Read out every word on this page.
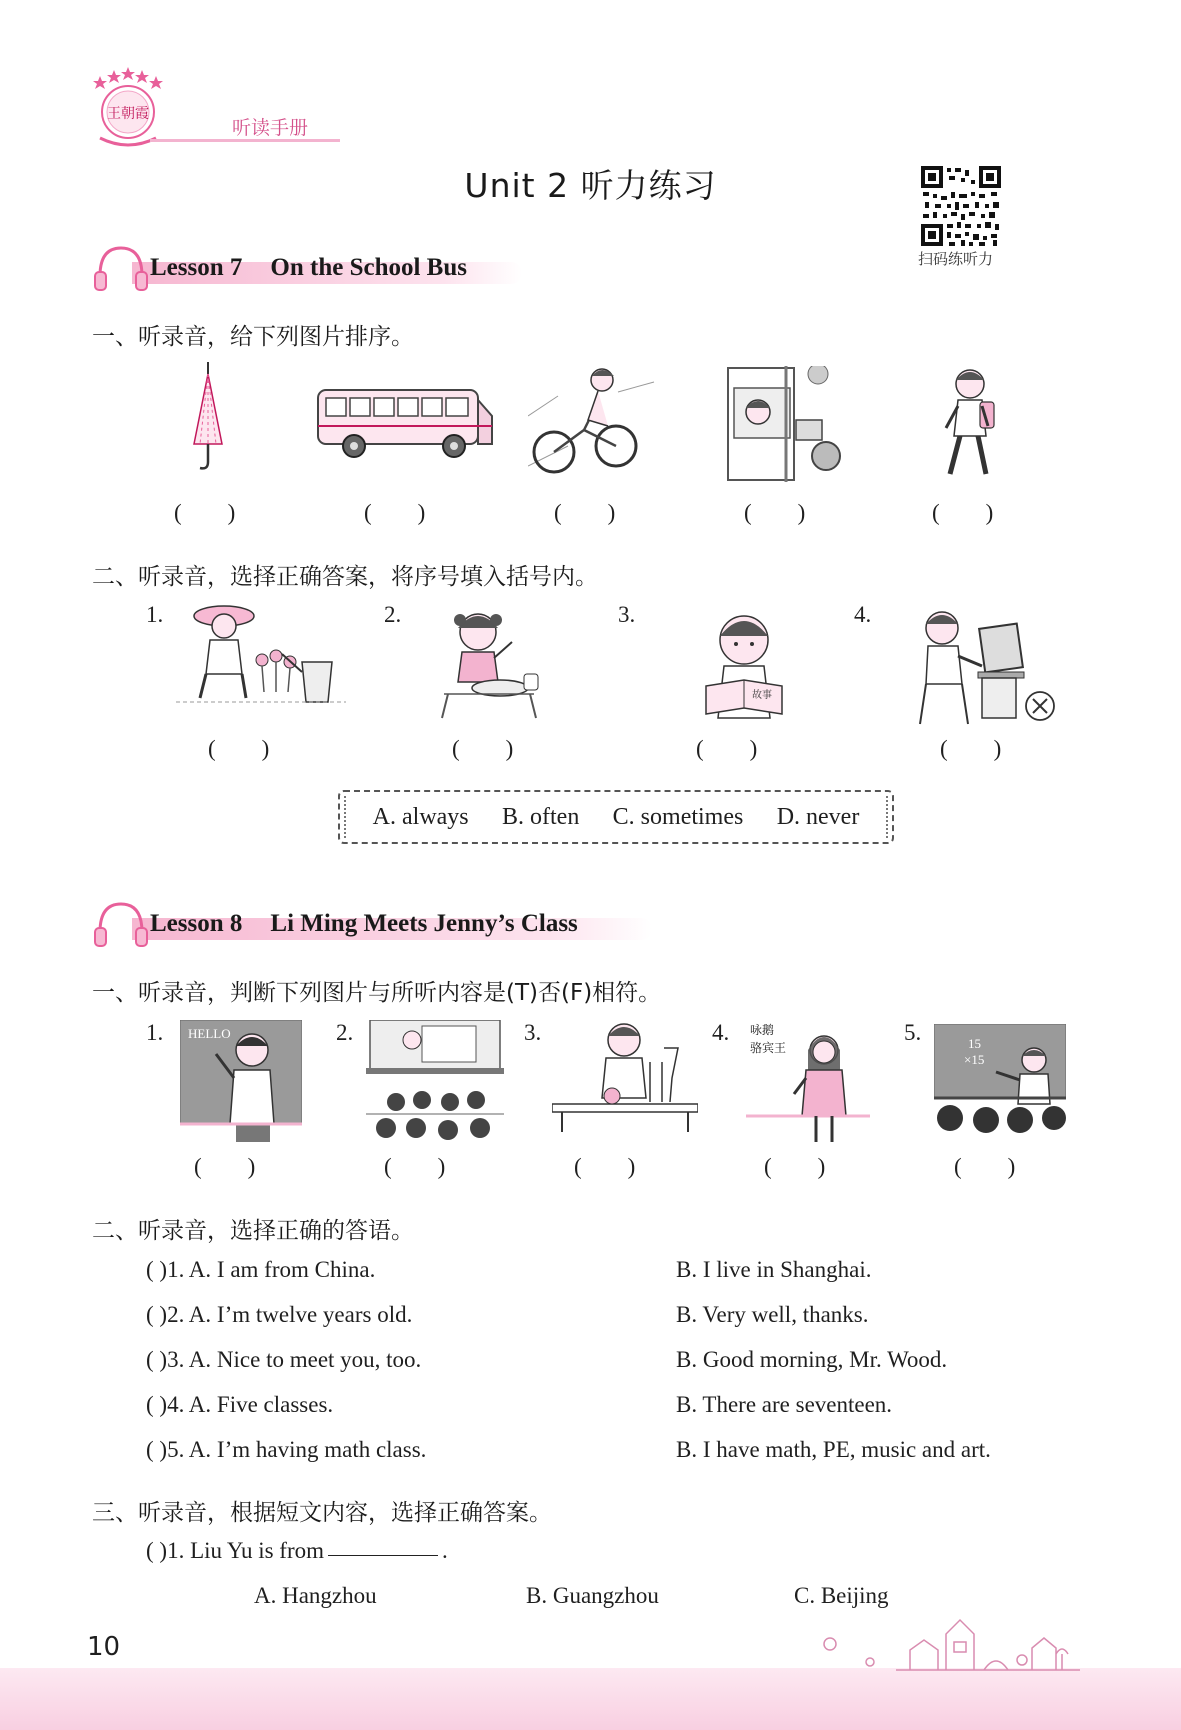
王朝霞
听读手册
Unit 2 听力练习
扫码练听力
Lesson 7 On the School Bus
一、听录音，给下列图片排序。
(        )	(        )	(        )	(        )	(        )
二、听录音，选择正确答案，将序号填入括号内。
1.	2.	3.
故事
4.
(        )	(        )	(        )	(        )
A. always B. often C. sometimes D. never
Lesson 8 Li Ming Meets Jenny’s Class
一、听录音，判断下列图片与所听内容是(T)否(F)相符。
1. HELLO	2.	3.	4. 咏鹅
骆宾王
5.	15
×15
(        )	(        )	(        )	(        )	(        )
二、听录音，选择正确的答语。
( )1. A. I am from China.	B. I live in Shanghai.
( )2. A. I’m twelve years old.	B. Very well, thanks.
( )3. A. Nice to meet you, too.	B. Good morning, Mr. Wood.
( )4. A. Five classes.	B. There are seventeen.
( )5. A. I’m having math class.	B. I have math, PE, music and art.
三、听录音，根据短文内容，选择正确答案。
( )1. Liu Yu is from	.
A. Hangzhou	B. Guangzhou	C. Beijing
10
